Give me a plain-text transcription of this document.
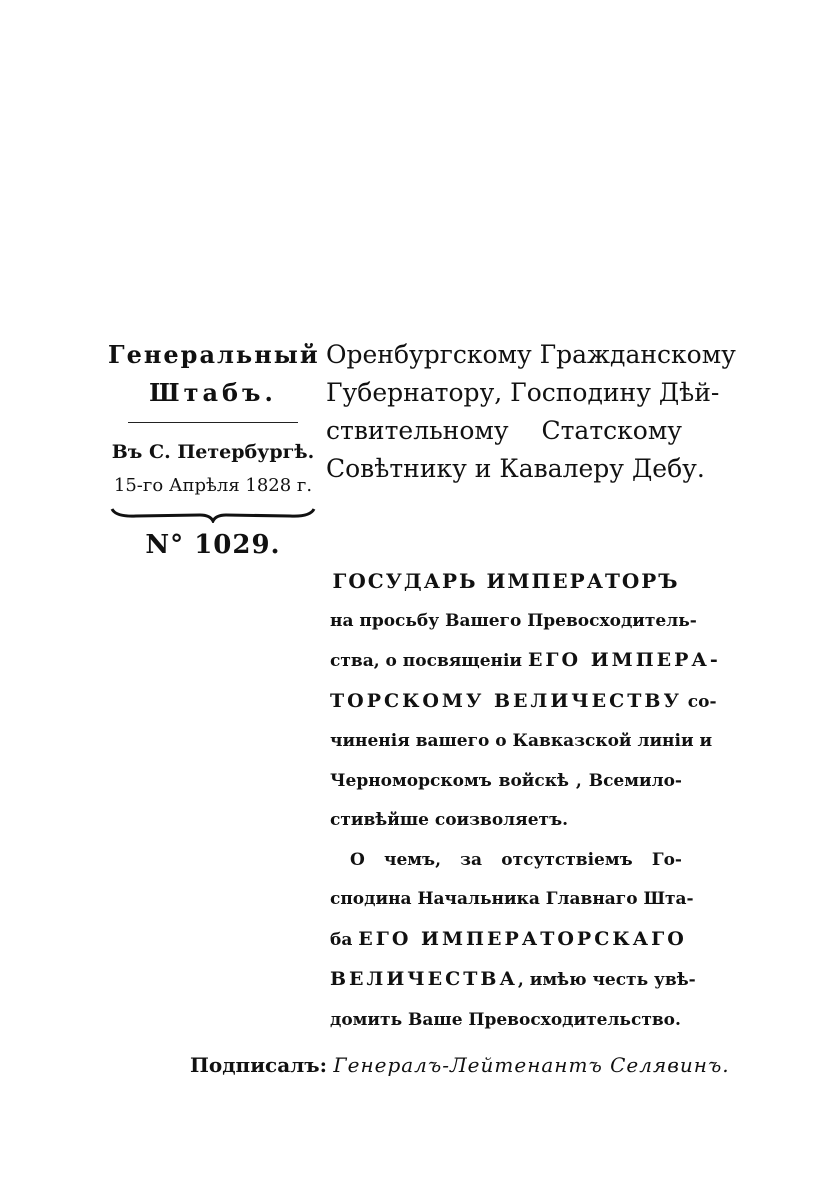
Генеральный
Штабъ.
Въ С. Петербургѣ.
15-го Апрѣля 1828 г.
N° 1029.
Оренбургскому Гражданскому
Губернатору, Господину Дѣй-
ствительному Статскому
Совѣтнику и Кавалеру Дебу.
ГОСУДАРЬ ИМПЕРАТОРЪ
на просьбу Вашего Превосходитель-
ства, о посвященіи ЕГО ИМПЕРА-
ТОРСКОМУ ВЕЛИЧЕСТВУ со-
чиненія вашего о Кавказской линіи и
Черноморскомъ войскѣ , Всемило-
стивѣйше соизволяетъ.
О чемъ, за отсутствіемъ Го-
сподина Начальника Главнаго Шта-
ба ЕГО ИМПЕРАТОРСКАГО
ВЕЛИЧЕСТВА, имѣю честь увѣ-
домить Ваше Превосходительство.
Подписалъ: Генералъ-Лейтенантъ Селявинъ.
